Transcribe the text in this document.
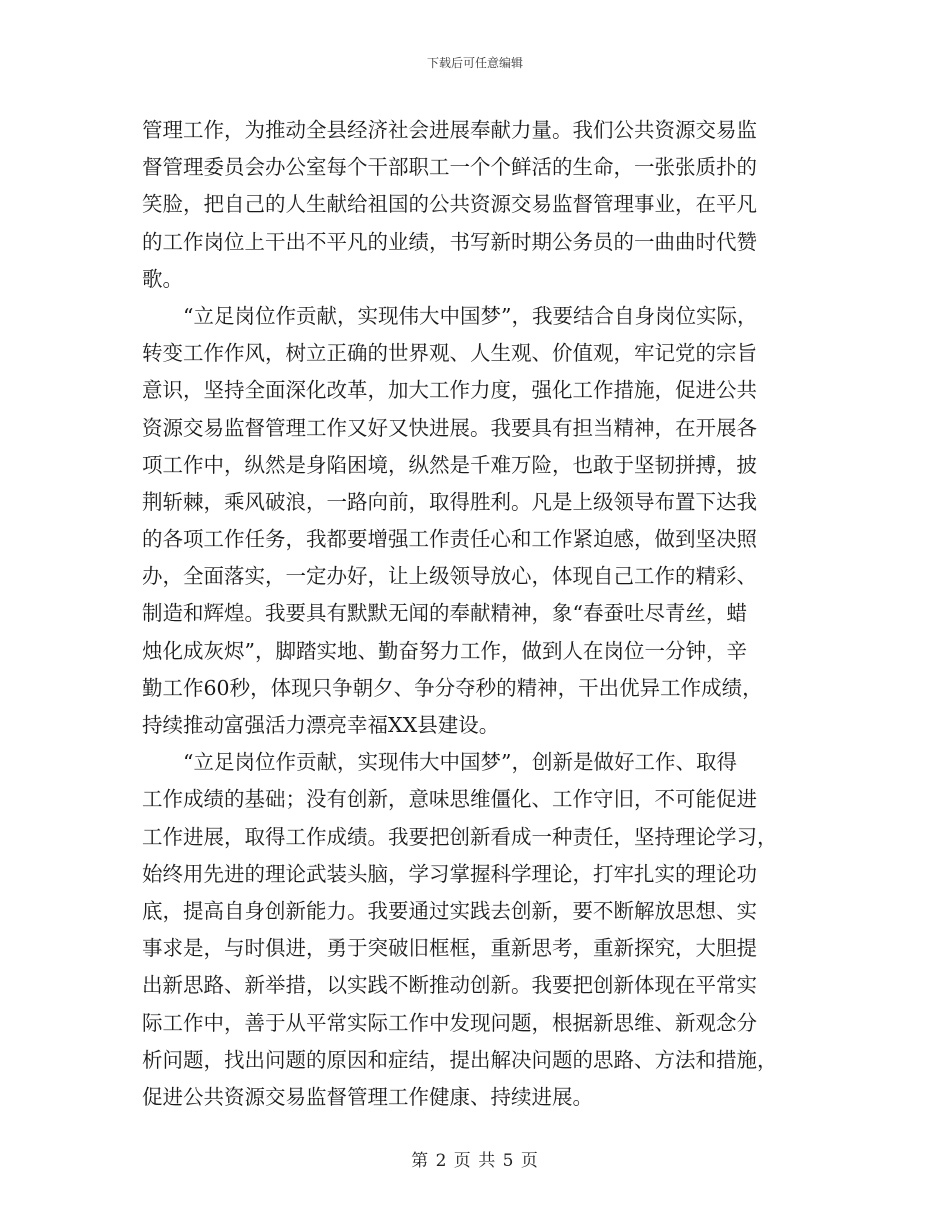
下载后可任意编辑
管理工作，为推动全县经济社会进展奉献力量。我们公共资源交易监
督管理委员会办公室每个干部职工一个个鲜活的生命，一张张质扑的
笑脸，把自己的人生献给祖国的公共资源交易监督管理事业，在平凡
的工作岗位上干出不平凡的业绩，书写新时期公务员的一曲曲时代赞
歌。
“立足岗位作贡献，实现伟大中国梦”，我要结合自身岗位实际，
转变工作作风，树立正确的世界观、人生观、价值观，牢记党的宗旨
意识，坚持全面深化改革，加大工作力度，强化工作措施，促进公共
资源交易监督管理工作又好又快进展。我要具有担当精神，在开展各
项工作中，纵然是身陷困境，纵然是千难万险，也敢于坚韧拼搏，披
荆斩棘，乘风破浪，一路向前，取得胜利。凡是上级领导布置下达我
的各项工作任务，我都要增强工作责任心和工作紧迫感，做到坚决照
办，全面落实，一定办好，让上级领导放心，体现自己工作的精彩、
制造和辉煌。我要具有默默无闻的奉献精神，象“春蚕吐尽青丝，蜡
烛化成灰烬”，脚踏实地、勤奋努力工作，做到人在岗位一分钟，辛
勤工作60秒，体现只争朝夕、争分夺秒的精神，干出优异工作成绩，
持续推动富强活力漂亮幸福XX县建设。
“立足岗位作贡献，实现伟大中国梦”，创新是做好工作、取得
工作成绩的基础；没有创新，意味思维僵化、工作守旧，不可能促进
工作进展，取得工作成绩。我要把创新看成一种责任，坚持理论学习，
始终用先进的理论武装头脑，学习掌握科学理论，打牢扎实的理论功
底，提高自身创新能力。我要通过实践去创新，要不断解放思想、实
事求是，与时俱进，勇于突破旧框框，重新思考，重新探究，大胆提
出新思路、新举措，以实践不断推动创新。我要把创新体现在平常实
际工作中，善于从平常实际工作中发现问题，根据新思维、新观念分
析问题，找出问题的原因和症结，提出解决问题的思路、方法和措施，
促进公共资源交易监督管理工作健康、持续进展。
第 2 页 共 5 页
